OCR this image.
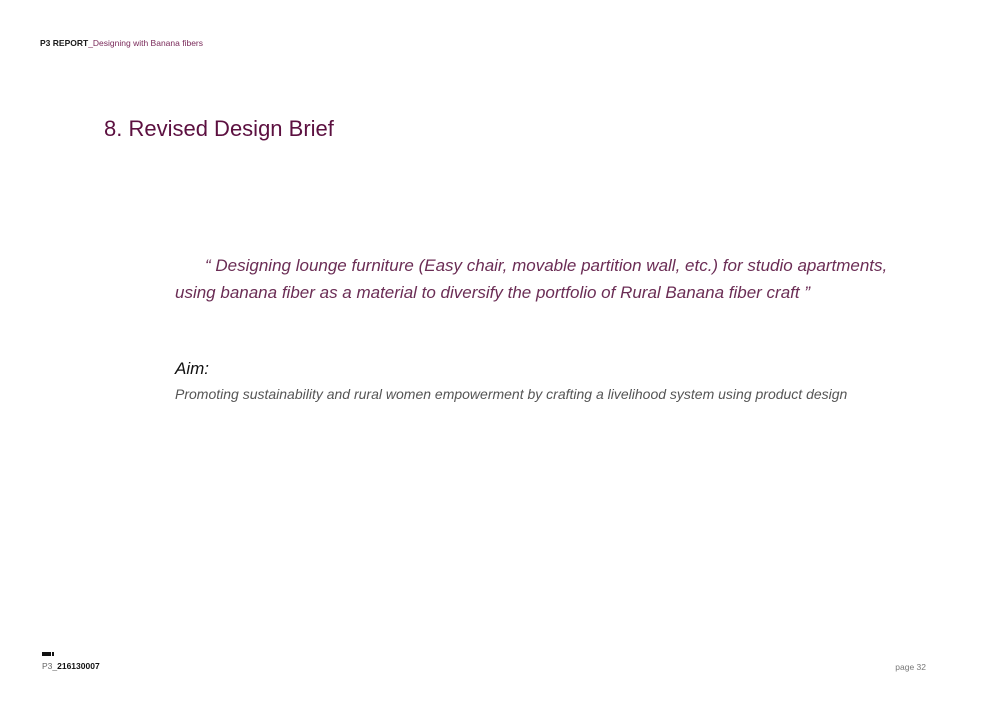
P3 REPORT_Designing with Banana fibers
8. Revised Design Brief

“ Designing lounge furniture (Easy chair, movable partition wall, etc.) for studio apartments, using banana fiber as a material to diversify the portfolio of Rural Banana fiber craft ”

Aim:

Promoting sustainability and rural women empowerment by crafting a livelihood system using product design

P3_216130007	page 32
